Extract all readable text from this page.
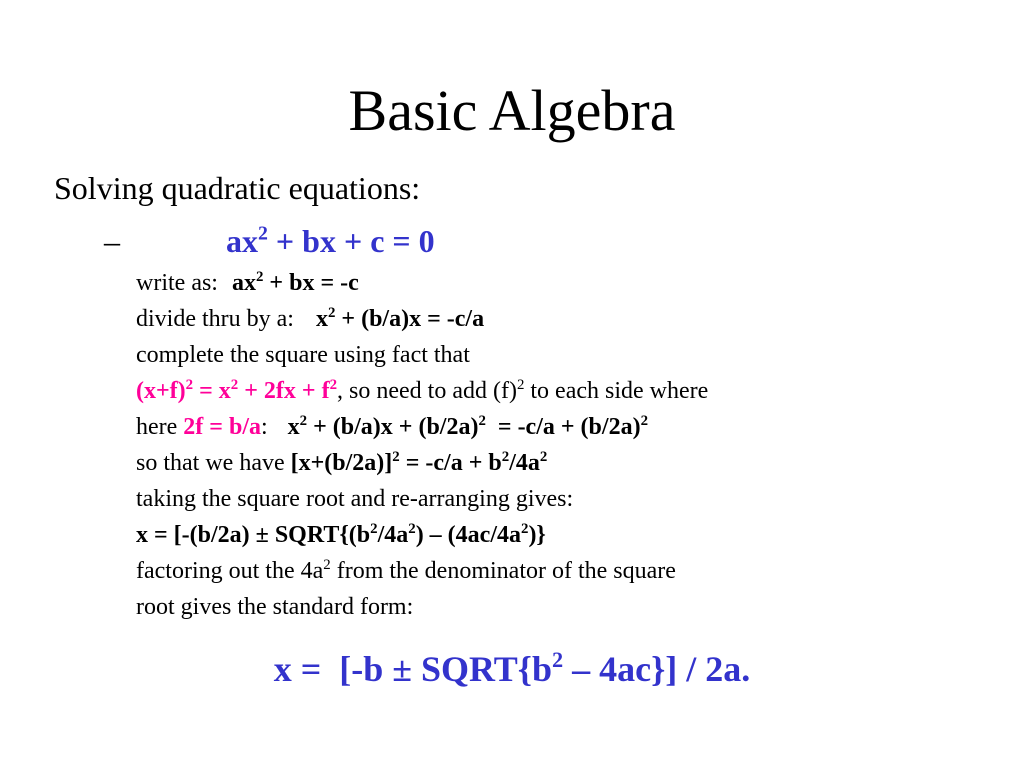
Basic Algebra
Solving quadratic equations:
–	$ax^2$ + bx + c = 0
write as: $ax^2$ + bx = -c
divide thru by a: $x^2 + (b/a)x = -c/a$
complete the square using fact that
$(x+f)^2 = x^2 + 2fx + f^2$, so need to add $(f)^2$ to each side where
here 2f = b/a: $x^2 + (b/a)x + (b/2a)^2 = -c/a + (b/2a)^2$
so that we have $[x+(b/2a)]^2 = -c/a + b^2/4a^2$
taking the square root and re-arranging gives:
$x = [-(b/2a) \pm SQRT\{(b^2/4a^2) - (4ac/4a^2)\}$
factoring out the $4a^2$ from the denominator of the square
root gives the standard form:
$x = [-b \pm SQRT\{b^2 - 4ac\}] / 2a$.
